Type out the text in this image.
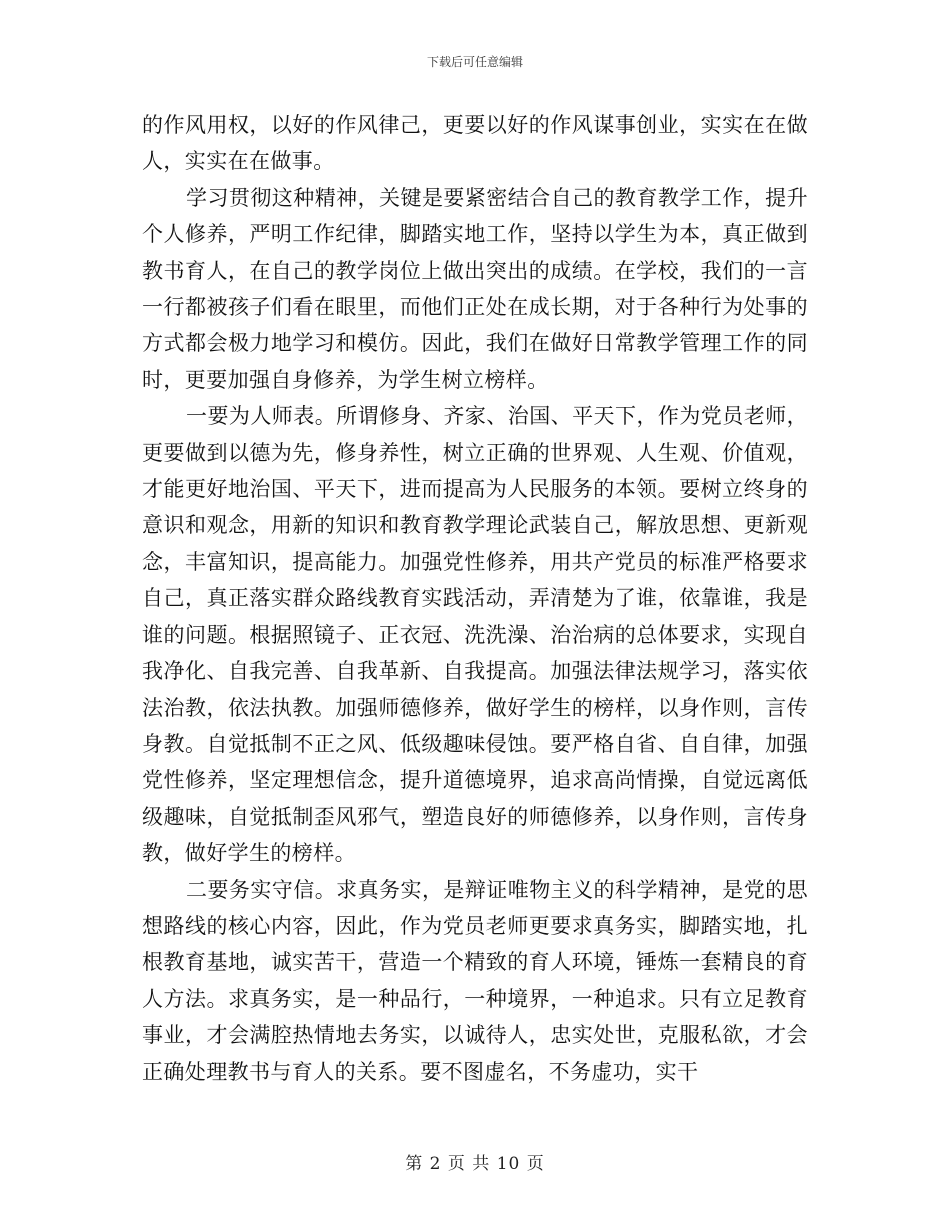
下载后可任意编辑

的作风用权，以好的作风律己，更要以好的作风谋事创业，实实在在做人，实实在在做事。

学习贯彻这种精神，关键是要紧密结合自己的教育教学工作，提升个人修养，严明工作纪律，脚踏实地工作，坚持以学生为本，真正做到教书育人，在自己的教学岗位上做出突出的成绩。在学校，我们的一言一行都被孩子们看在眼里，而他们正处在成长期，对于各种行为处事的方式都会极力地学习和模仿。因此，我们在做好日常教学管理工作的同时，更要加强自身修养，为学生树立榜样。

一要为人师表。所谓修身、齐家、治国、平天下，作为党员老师，更要做到以德为先，修身养性，树立正确的世界观、人生观、价值观，才能更好地治国、平天下，进而提高为人民服务的本领。要树立终身的意识和观念，用新的知识和教育教学理论武装自己，解放思想、更新观念，丰富知识，提高能力。加强党性修养，用共产党员的标准严格要求自己，真正落实群众路线教育实践活动，弄清楚为了谁，依靠谁，我是谁的问题。根据照镜子、正衣冠、洗洗澡、治治病的总体要求，实现自我净化、自我完善、自我革新、自我提高。加强法律法规学习，落实依法治教，依法执教。加强师德修养，做好学生的榜样，以身作则，言传身教。自觉抵制不正之风、低级趣味侵蚀。要严格自省、自自律，加强党性修养，坚定理想信念，提升道德境界，追求高尚情操，自觉远离低级趣味，自觉抵制歪风邪气，塑造良好的师德修养，以身作则，言传身教，做好学生的榜样。

二要务实守信。求真务实，是辩证唯物主义的科学精神，是党的思想路线的核心内容，因此，作为党员老师更要求真务实，脚踏实地，扎根教育基地，诚实苦干，营造一个精致的育人环境，锤炼一套精良的育人方法。求真务实，是一种品行，一种境界，一种追求。只有立足教育事业，才会满腔热情地去务实，以诚待人，忠实处世，克服私欲，才会正确处理教书与育人的关系。要不图虚名，不务虚功，实干

第 2 页 共 10 页
